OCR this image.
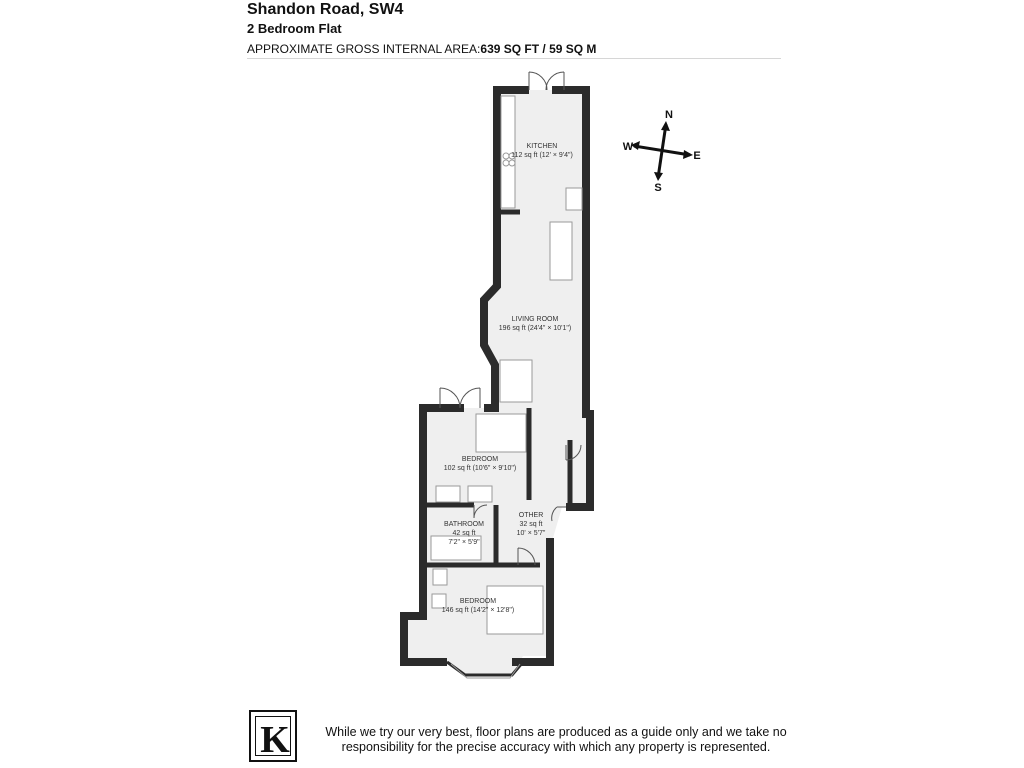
Shandon Road, SW4
2 Bedroom Flat
APPROXIMATE GROSS INTERNAL AREA:639 SQ FT / 59 SQ M
KITCHEN
112 sq ft (12' × 9'4")
LIVING ROOM
196 sq ft (24'4" × 10'1")
BEDROOM
102 sq ft (10'6" × 9'10")
OTHER
32 sq ft
10' × 5'7"
BATHROOM
42 sq ft
7'2" × 5'9"
BEDROOM
146 sq ft (14'2" × 12'8")
N
S
E
W
K	While we try our very best, floor plans are produced as a guide only and we take no
responsibility for the precise accuracy with which any property is represented.
